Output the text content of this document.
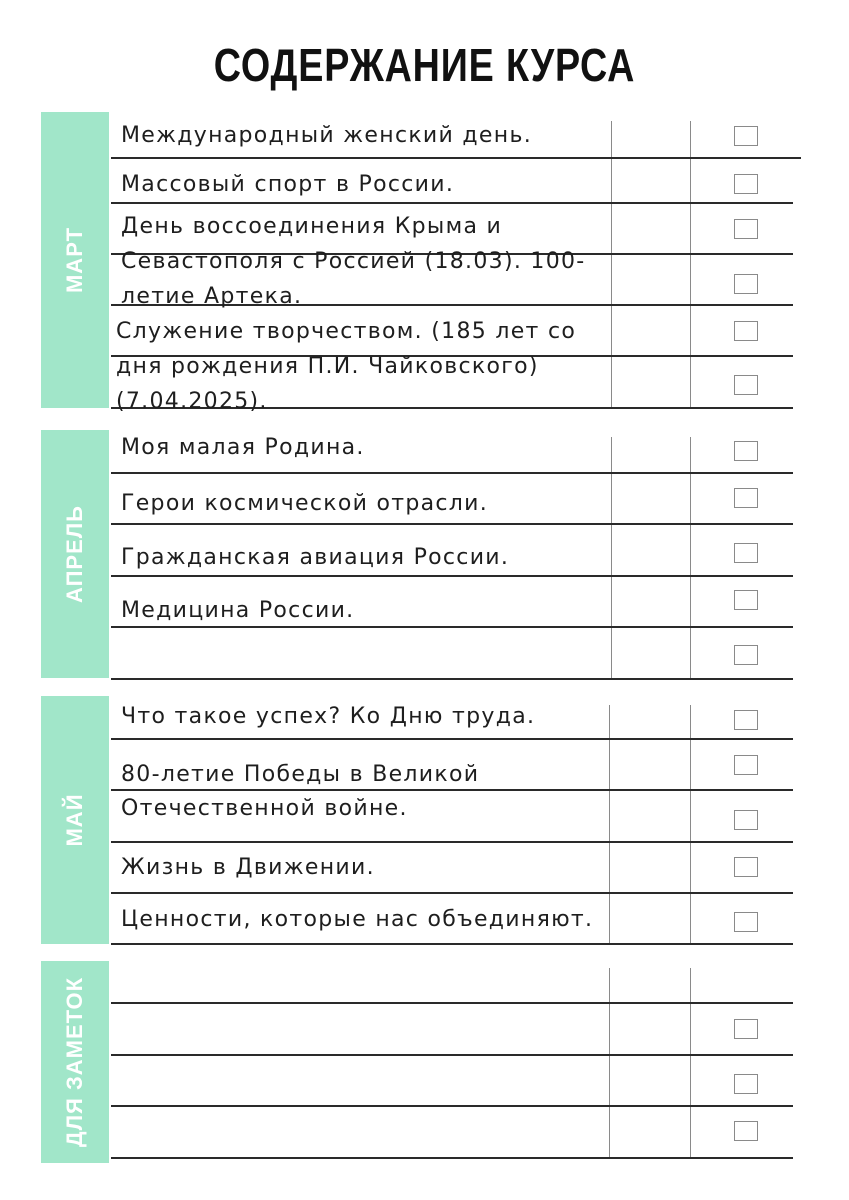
СОДЕРЖАНИЕ КУРСА
МАРТ
Международный женский день.
Массовый спорт в России.
День воссоединения Крыма и
Севастополя с Россией (18.03). 100-
летие Артека.
Служение творчеством. (185 лет со
дня рождения П.И. Чайковского)
(7.04.2025).
АПРЕЛЬ
Моя малая Родина.
Герои космической отрасли.
Гражданская авиация России.
Медицина России.
МАЙ
Что такое успех? Ко Дню труда.
80-летие Победы в Великой
Отечественной войне.
Жизнь в Движении.
Ценности, которые нас объединяют.
ДЛЯ ЗАМЕТОК
